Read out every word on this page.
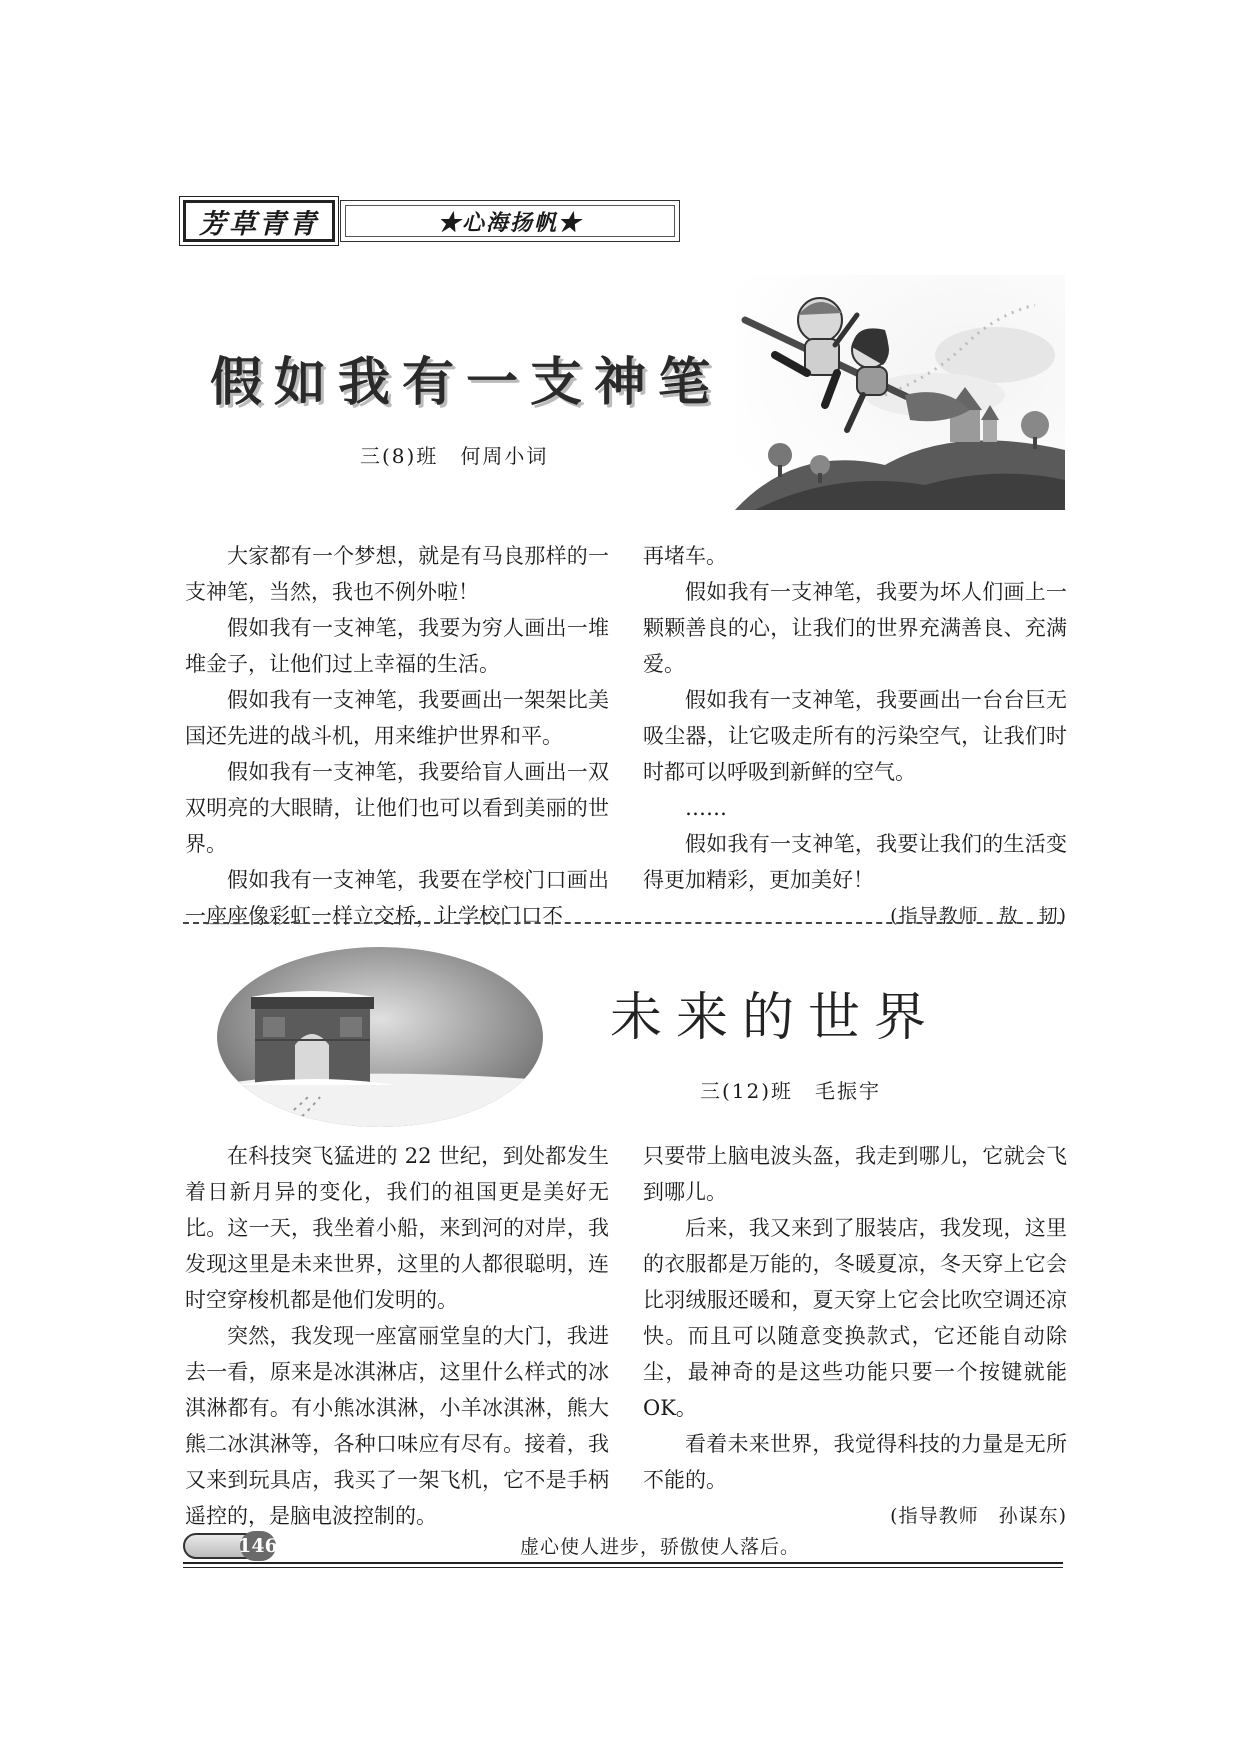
芳草青青	★心海扬帆★
假如我有一支神笔
三(8)班　何周小词

大家都有一个梦想，就是有马良那样的一支神笔，当然，我也不例外啦！

假如我有一支神笔，我要为穷人画出一堆堆金子，让他们过上幸福的生活。

假如我有一支神笔，我要画出一架架比美国还先进的战斗机，用来维护世界和平。

假如我有一支神笔，我要给盲人画出一双双明亮的大眼睛，让他们也可以看到美丽的世界。

假如我有一支神笔，我要在学校门口画出一座座像彩虹一样立交桥，让学校门口不

再堵车。

假如我有一支神笔，我要为坏人们画上一颗颗善良的心，让我们的世界充满善良、充满爱。

假如我有一支神笔，我要画出一台台巨无吸尘器，让它吸走所有的污染空气，让我们时时都可以呼吸到新鲜的空气。

……

假如我有一支神笔，我要让我们的生活变得更加精彩，更加美好！

(指导教师　敖　韧)
未来的世界
三(12)班　毛振宇

在科技突飞猛进的 22 世纪，到处都发生着日新月异的变化，我们的祖国更是美好无比。这一天，我坐着小船，来到河的对岸，我发现这里是未来世界，这里的人都很聪明，连时空穿梭机都是他们发明的。

突然，我发现一座富丽堂皇的大门，我进去一看，原来是冰淇淋店，这里什么样式的冰淇淋都有。有小熊冰淇淋，小羊冰淇淋，熊大熊二冰淇淋等，各种口味应有尽有。接着，我又来到玩具店，我买了一架飞机，它不是手柄遥控的，是脑电波控制的。

只要带上脑电波头盔，我走到哪儿，它就会飞到哪儿。

后来，我又来到了服装店，我发现，这里的衣服都是万能的，冬暖夏凉，冬天穿上它会比羽绒服还暖和，夏天穿上它会比吹空调还凉快。而且可以随意变换款式，它还能自动除尘，最神奇的是这些功能只要一个按键就能 OK。

看着未来世界，我觉得科技的力量是无所不能的。

(指导教师　孙谋东)
146	虚心使人进步，骄傲使人落后。
